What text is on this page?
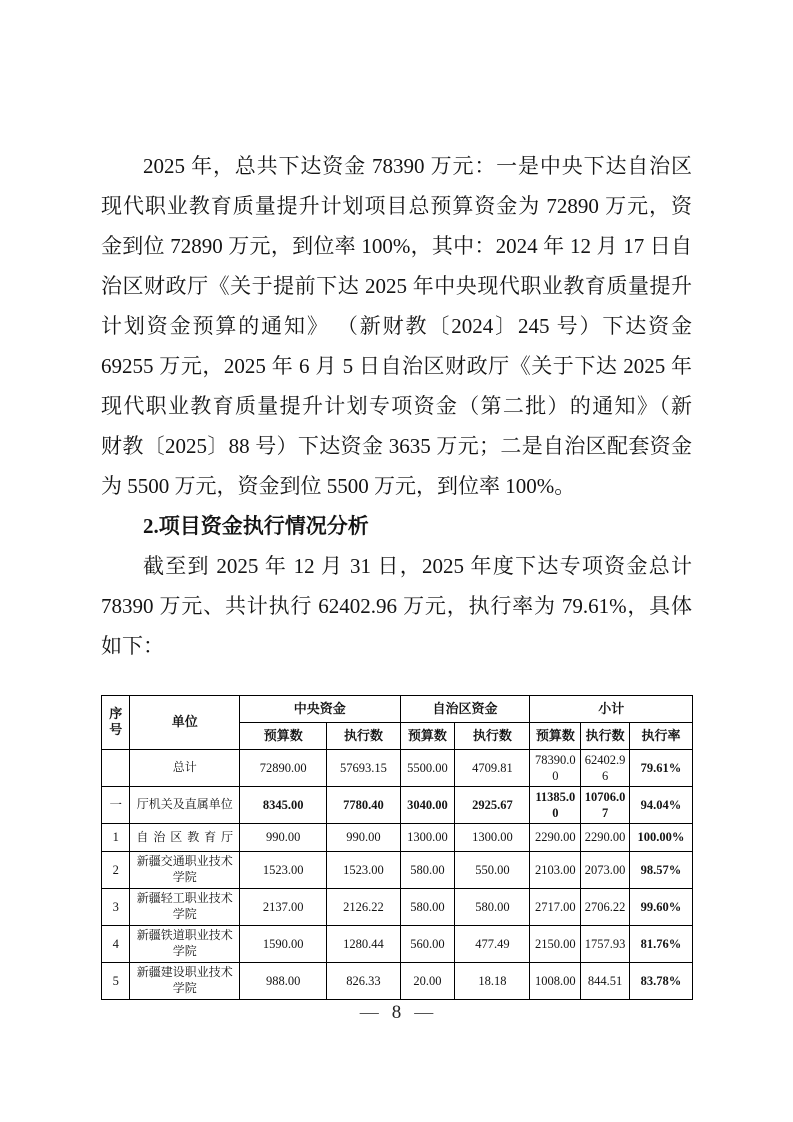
2025 年，总共下达资金 78390 万元：一是中央下达自治区
现代职业教育质量提升计划项目总预算资金为 72890 万元，资
金到位 72890 万元，到位率 100%，其中：2024 年 12 月 17 日自
治区财政厅《关于提前下达 2025 年中央现代职业教育质量提升
计划资金预算的通知》 （新财教〔2024〕245 号）下达资金
69255 万元，2025 年 6 月 5 日自治区财政厅《关于下达 2025 年
现代职业教育质量提升计划专项资金（第二批）的通知》（新
财教〔2025〕88 号）下达资金 3635 万元；二是自治区配套资金
为 5500 万元，资金到位 5500 万元，到位率 100%。

2.项目资金执行情况分析

截至到 2025 年 12 月 31 日，2025 年度下达专项资金总计
78390 万元、共计执行 62402.96 万元，执行率为 79.61%，具体
如下：

序号	单位	中央资金		自治区资金		小计		
		预算数	执行数	预算数	执行数	预算数	执行数	执行率
	总计	72890.00	57693.15	5500.00	4709.81	78390.00	62402.96	79.61%
一	厅机关及直属单位	8345.00	7780.40	3040.00	2925.67	11385.00	10706.07	94.04%
1	自治区教育厅	990.00	990.00	1300.00	1300.00	2290.00	2290.00	100.00%
2	新疆交通职业技术学院	1523.00	1523.00	580.00	550.00	2103.00	2073.00	98.57%
3	新疆轻工职业技术学院	2137.00	2126.22	580.00	580.00	2717.00	2706.22	99.60%
4	新疆铁道职业技术学院	1590.00	1280.44	560.00	477.49	2150.00	1757.93	81.76%
5	新疆建设职业技术学院	988.00	826.33	20.00	18.18	1008.00	844.51	83.78%
— 8 —
